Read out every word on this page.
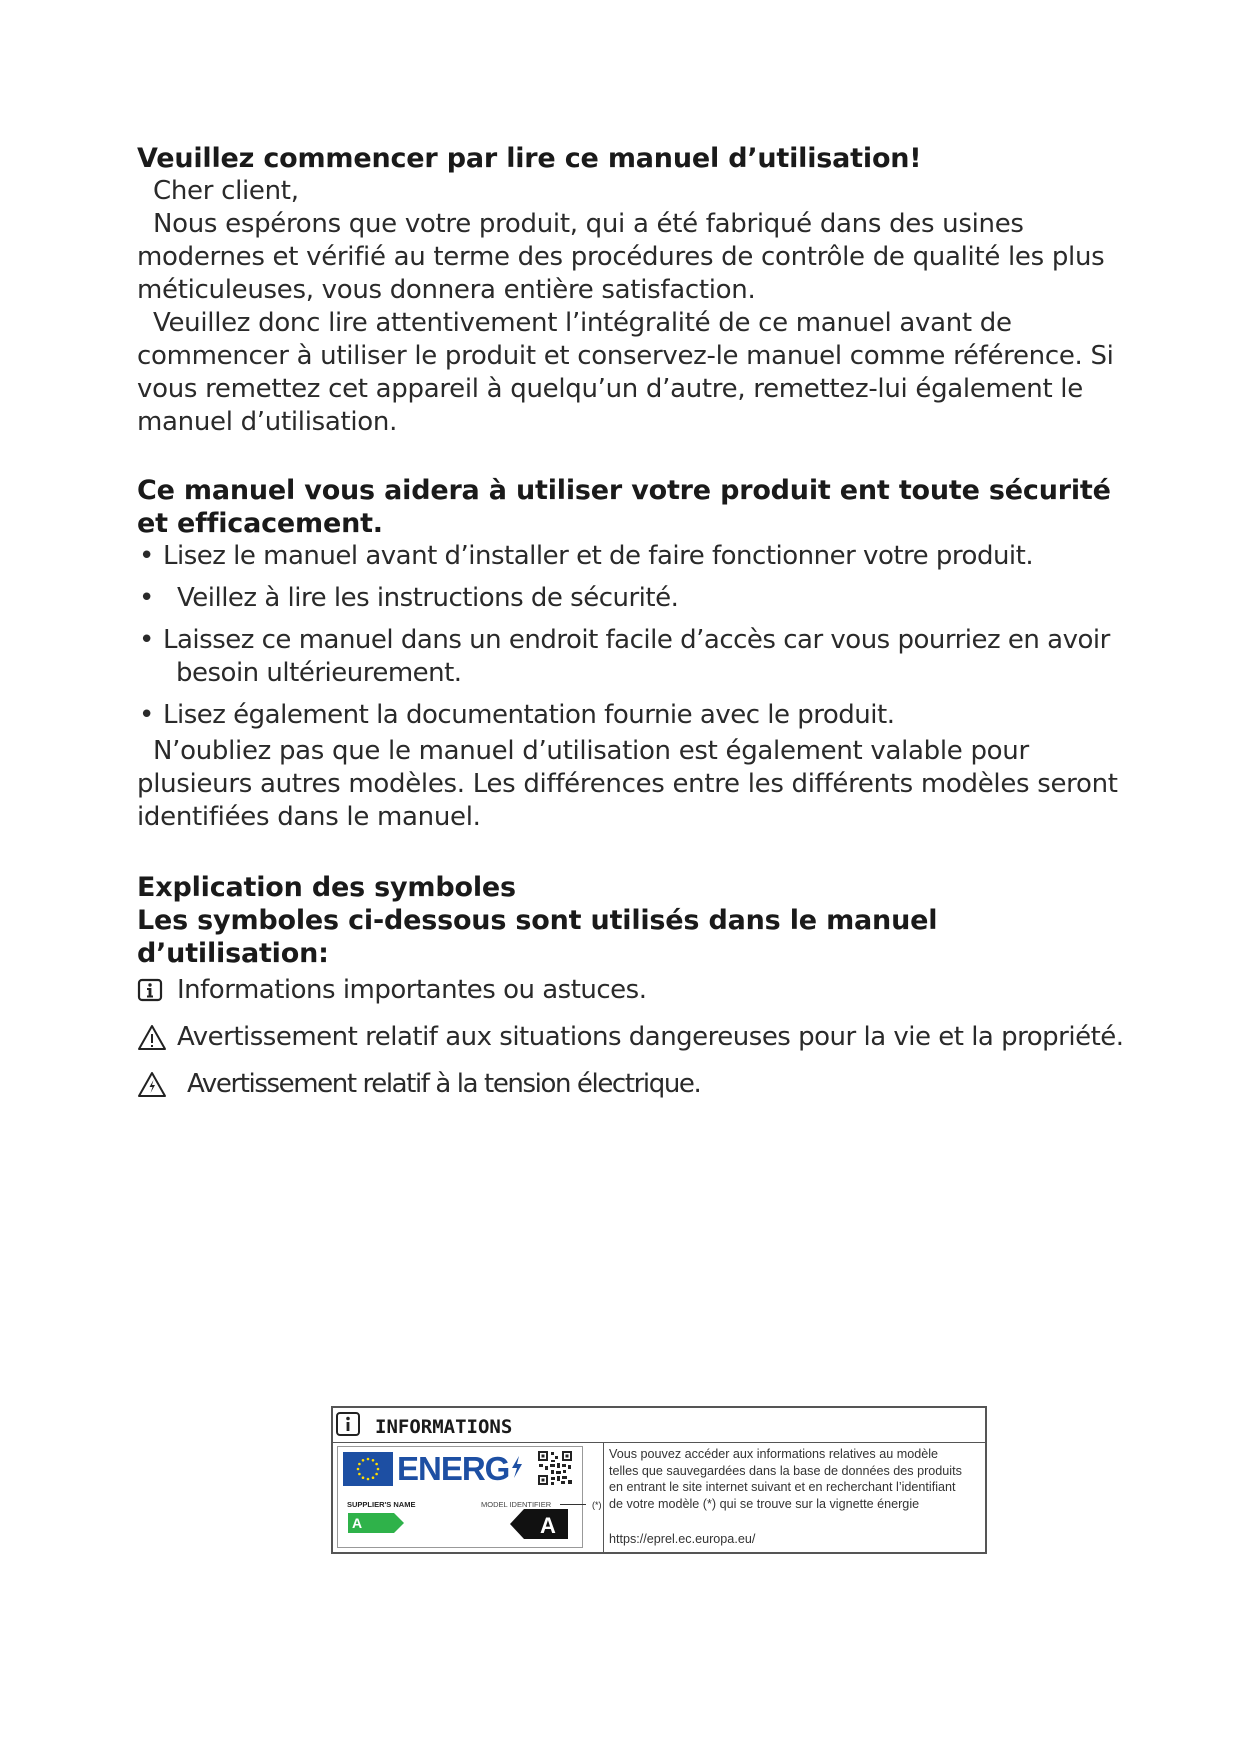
Veuillez commencer par lire ce manuel d’utilisation!

Cher client,

Nous espérons que votre produit, qui a été fabriqué dans des usines modernes et vérifié au terme des procédures de contrôle de qualité les plus méticuleuses, vous donnera entière satisfaction.

Veuillez donc lire attentivement l’intégralité de ce manuel avant de commencer à utiliser le produit et conservez-le manuel comme référence. Si vous remettez cet appareil à quelqu’un d’autre, remettez-lui également le manuel d’utilisation.

Ce manuel vous aidera à utiliser votre produit ent toute sécurité et efficacement.
• Lisez le manuel avant d’installer et de faire fonctionner votre produit.
• Veillez à lire les instructions de sécurité.
• Laissez ce manuel dans un endroit facile d’accès car vous pourriez en avoir
besoin ultérieurement.
• Lisez également la documentation fournie avec le produit.

N’oubliez pas que le manuel d’utilisation est également valable pour plusieurs autres modèles. Les différences entre les différents modèles seront identifiées dans le manuel.

Explication des symboles
Les symboles ci-dessous sont utilisés dans le manuel d’utilisation:
Informations importantes ou astuces.
Avertissement relatif aux situations dangereuses pour la vie et la propriété.
Avertissement relatif à la tension électrique.
INFORMATIONS
ENERG
SUPPLIER'S NAME	MODEL IDENTIFIER	(*)
A	A
Vous pouvez accéder aux informations relatives au modèle telles que sauvegardées dans la base de données des produits en entrant le site internet suivant et en recherchant l’identifiant de votre modèle (*) qui se trouve sur la vignette énergie
https://eprel.ec.europa.eu/
